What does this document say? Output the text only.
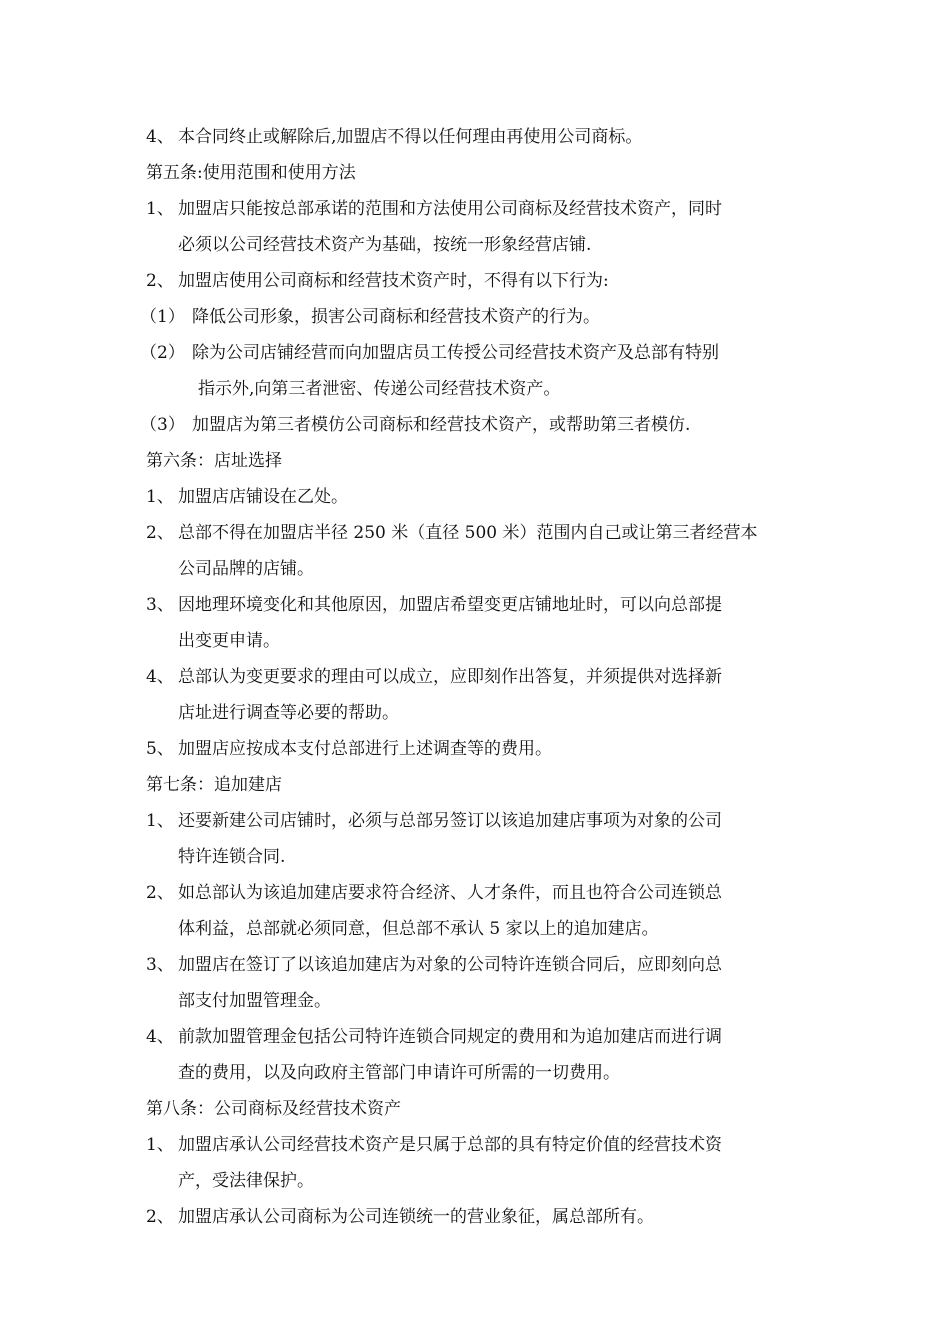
4、 本合同终止或解除后,加盟店不得以任何理由再使用公司商标。
第五条:使用范围和使用方法
1、 加盟店只能按总部承诺的范围和方法使用公司商标及经营技术资产，同时
必须以公司经营技术资产为基础，按统一形象经营店铺.
2、 加盟店使用公司商标和经营技术资产时，不得有以下行为:
（1） 降低公司形象，损害公司商标和经营技术资产的行为。
（2） 除为公司店铺经营而向加盟店员工传授公司经营技术资产及总部有特别
指示外,向第三者泄密、传递公司经营技术资产。
（3） 加盟店为第三者模仿公司商标和经营技术资产，或帮助第三者模仿.
第六条：店址选择
1、 加盟店店铺设在乙处。
2、 总部不得在加盟店半径 250 米（直径 500 米）范围内自己或让第三者经营本
公司品牌的店铺。
3、 因地理环境变化和其他原因，加盟店希望变更店铺地址时，可以向总部提
出变更申请。
4、 总部认为变更要求的理由可以成立，应即刻作出答复，并须提供对选择新
店址进行调查等必要的帮助。
5、 加盟店应按成本支付总部进行上述调查等的费用。
第七条：追加建店
1、 还要新建公司店铺时，必须与总部另签订以该追加建店事项为对象的公司
特许连锁合同.
2、 如总部认为该追加建店要求符合经济、人才条件，而且也符合公司连锁总
体利益，总部就必须同意，但总部不承认 5 家以上的追加建店。
3、 加盟店在签订了以该追加建店为对象的公司特许连锁合同后，应即刻向总
部支付加盟管理金。
4、 前款加盟管理金包括公司特许连锁合同规定的费用和为追加建店而进行调
查的费用，以及向政府主管部门申请许可所需的一切费用。
第八条：公司商标及经营技术资产
1、 加盟店承认公司经营技术资产是只属于总部的具有特定价值的经营技术资
产，受法律保护。
2、 加盟店承认公司商标为公司连锁统一的营业象征，属总部所有。
